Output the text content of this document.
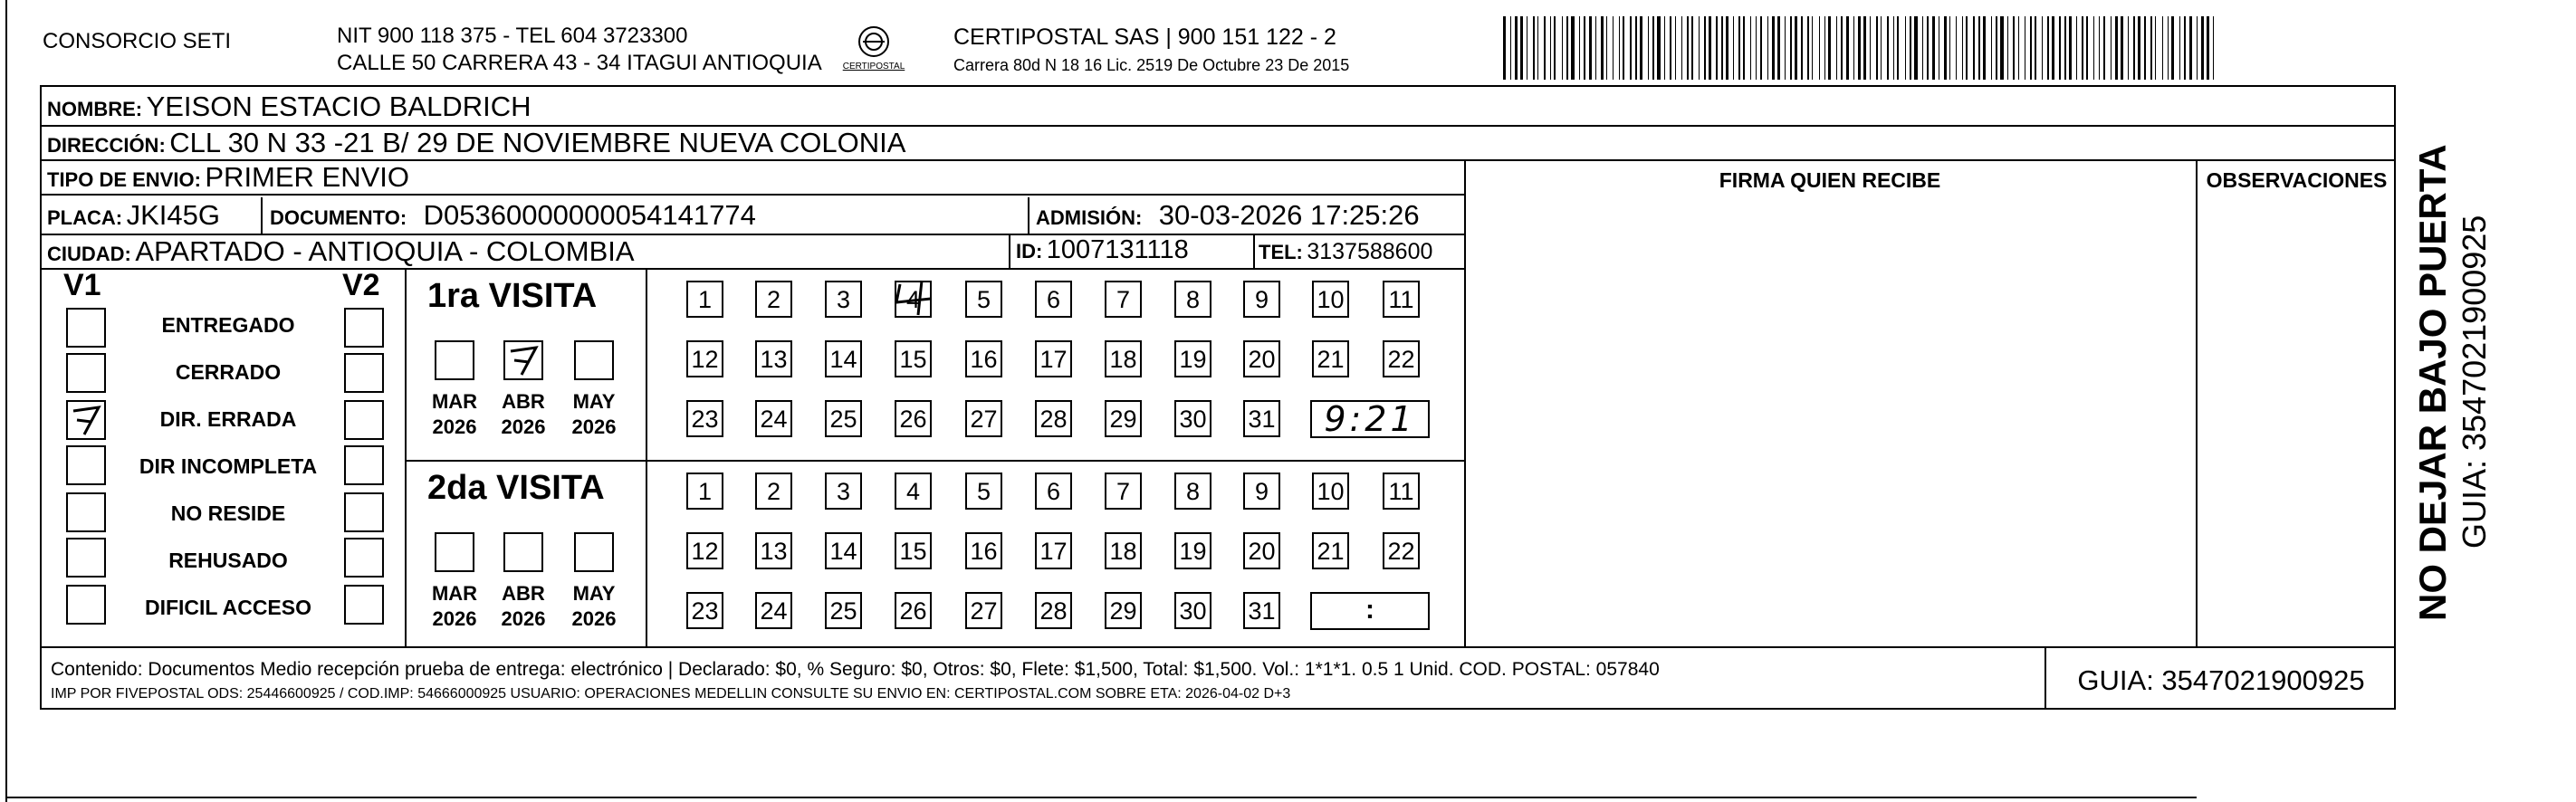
CONSORCIO SETI	NIT 900 118 375 - TEL 604 3723300
CALLE 50 CARRERA 43 - 34 ITAGUI ANTIOQUIA CERTIPOSTAL
CERTIPOSTAL SAS | 900 151 122 - 2
Carrera 80d N 18 16 Lic. 2519 De Octubre 23 De 2015
NOMBRE: YEISON ESTACIO BALDRICH
DIRECCIÓN: CLL 30 N 33 -21 B/ 29 DE NOVIEMBRE NUEVA COLONIA
TIPO DE ENVIO: PRIMER ENVIO
PLACA: JKI45G	DOCUMENTO: D05360000000054141774	ADMISIÓN: 30-03-2026 17:25:26
CIUDAD: APARTADO - ANTIOQUIA - COLOMBIA	ID: 1007131118	TEL: 3137588600
FIRMA QUIEN RECIBE	OBSERVACIONES
V1	V2
ENTREGADO
CERRADO
DIR. ERRADA
DIR INCOMPLETA
NO RESIDE
REHUSADO
DIFICIL ACCESO
1ra VISITA
MAR
2026
ABR
2026
MAY
2026
1	2	3	4	5	6	7	8	9	10 11
12 13 14 15 16 17 18 19 20 21 22
23 24 25 26 27 28 29 30 31	9:21
2da VISITA
MAR
2026
ABR
2026
MAY
2026
1	2	3	4	5	6	7	8	9	10 11
12 13 14 15 16 17 18 19 20 21 22
23 24 25 26 27 28 29 30 31	:
Contenido: Documentos Medio recepción prueba de entrega: electrónico | Declarado: $0, % Seguro: $0, Otros: $0, Flete: $1,500, Total: $1,500. Vol.: 1*1*1. 0.5 1 Unid. COD. POSTAL: 057840
IMP POR FIVEPOSTAL ODS: 25446600925 / COD.IMP: 54666000925 USUARIO: OPERACIONES MEDELLIN CONSULTE SU ENVIO EN: CERTIPOSTAL.COM SOBRE ETA: 2026-04-02 D+3	GUIA: 3547021900925
NO DEJAR BAJO PUERTA GUIA: 3547021900925
